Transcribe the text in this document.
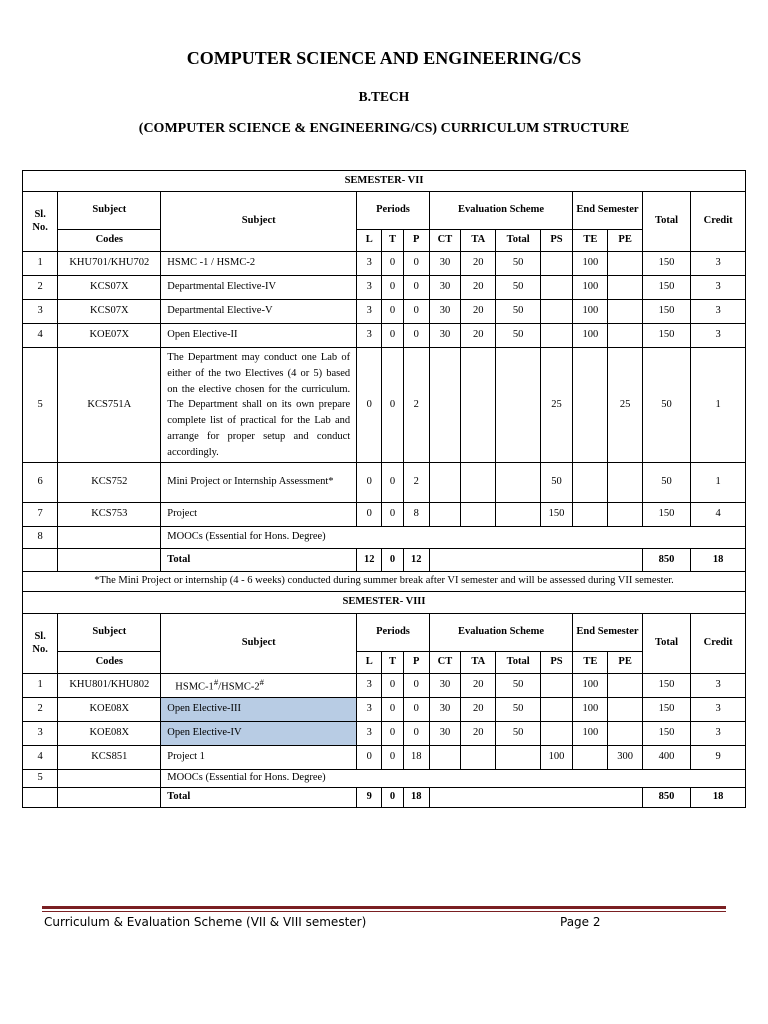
COMPUTER SCIENCE AND ENGINEERING/CS
B.TECH
(COMPUTER SCIENCE & ENGINEERING/CS) CURRICULUM STRUCTURE
SEMESTER- VII													
Sl. No.	Subject	Subject	Periods			Evaluation Scheme				End Semester		Total	Credit
	Codes		L	T	P	CT	TA	Total	PS	TE	PE		
1	KHU701/KHU702	HSMC -1 / HSMC-2	3	0	0	30	20	50		100		150	3
2	KCS07X	Departmental Elective-IV	3	0	0	30	20	50		100		150	3
3	KCS07X	Departmental Elective-V	3	0	0	30	20	50		100		150	3
4	KOE07X	Open Elective-II	3	0	0	30	20	50		100		150	3
5	KCS751A	The Department may conduct one Lab of either of the two Electives (4 or 5) based on the elective chosen for the curriculum. The Department shall on its own prepare complete list of practical for the Lab and arrange for proper setup and conduct accordingly.	0	0	2				25		25	50	1
6	KCS752	Mini Project or Internship Assessment*	0	0	2				50			50	1
7	KCS753	Project	0	0	8				150			150	4
8		MOOCs (Essential for Hons. Degree)											
		Total	12	0	12							850	18
*The Mini Project or internship (4 - 6 weeks) conducted during summer break after VI semester and will be assessed during VII semester.													
SEMESTER- VIII													
Sl. No.	Subject	Subject	Periods			Evaluation Scheme				End Semester		Total	Credit
	Codes		L	T	P	CT	TA	Total	PS	TE	PE		
1	KHU801/KHU802	HSMC-1#/HSMC-2#	3	0	0	30	20	50		100		150	3
2	KOE08X	Open Elective-III	3	0	0	30	20	50		100		150	3
3	KOE08X	Open Elective-IV	3	0	0	30	20	50		100		150	3
4	KCS851	Project 1	0	0	18				100		300	400	9
5		MOOCs (Essential for Hons. Degree)											
		Total	9	0	18							850	18
Curriculum & Evaluation Scheme (VII & VIII semester)	Page 2
